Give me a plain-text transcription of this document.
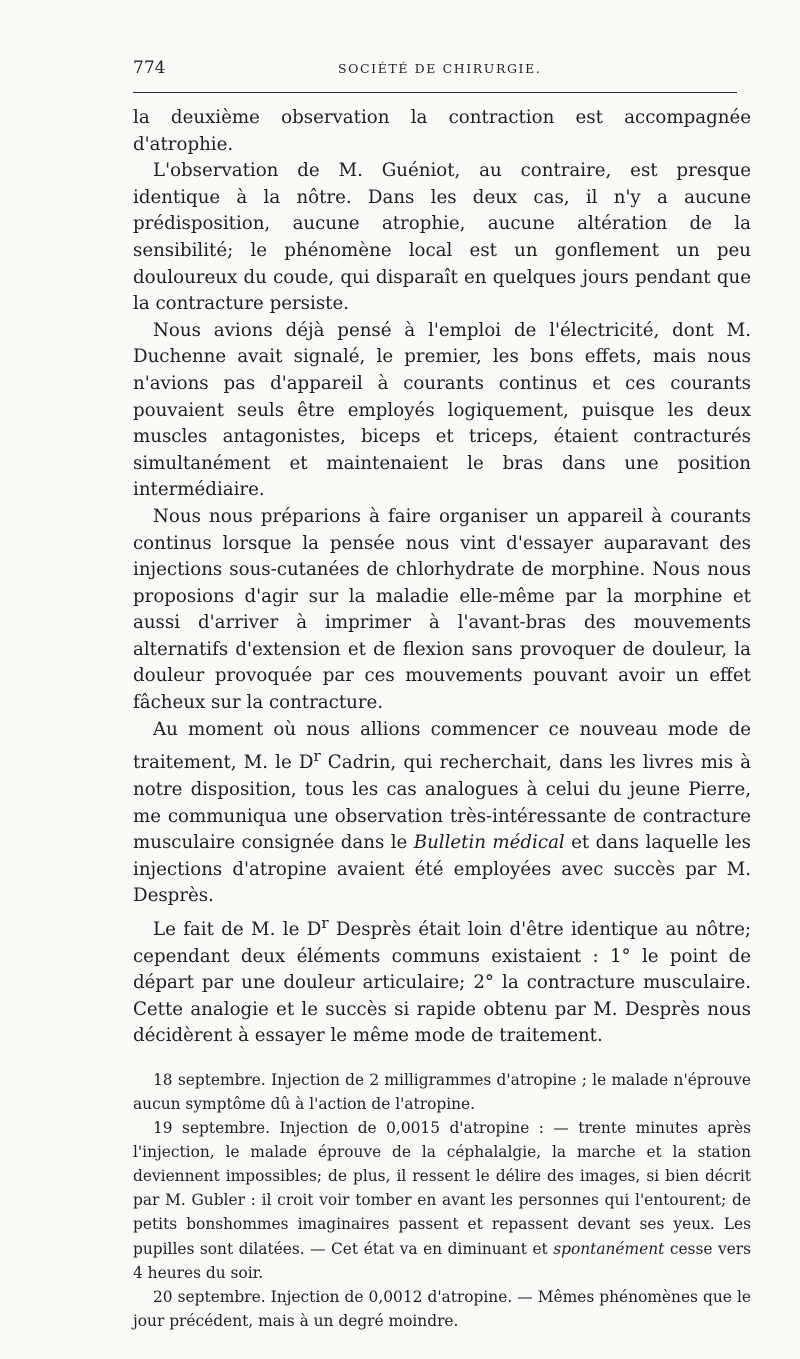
774	SOCIÉTÉ DE CHIRURGIE.

la deuxième observation la contraction est accompagnée d'atrophie.

L'observation de M. Guéniot, au contraire, est presque identique à la nôtre. Dans les deux cas, il n'y a aucune prédisposition, aucune atrophie, aucune altération de la sensibilité; le phénomène local est un gonflement un peu douloureux du coude, qui disparaît en quelques jours pendant que la contracture persiste.

Nous avions déjà pensé à l'emploi de l'électricité, dont M. Duchenne avait signalé, le premier, les bons effets, mais nous n'avions pas d'appareil à courants continus et ces courants pouvaient seuls être employés logiquement, puisque les deux muscles antagonistes, biceps et triceps, étaient contracturés simultanément et maintenaient le bras dans une position intermédiaire.

Nous nous préparions à faire organiser un appareil à courants continus lorsque la pensée nous vint d'essayer auparavant des injections sous-cutanées de chlorhydrate de morphine. Nous nous proposions d'agir sur la maladie elle-même par la morphine et aussi d'arriver à imprimer à l'avant-bras des mouvements alternatifs d'extension et de flexion sans provoquer de douleur, la douleur provoquée par ces mouvements pouvant avoir un effet fâcheux sur la contracture.

Au moment où nous allions commencer ce nouveau mode de traitement, M. le $D^r$ Cadrin, qui recherchait, dans les livres mis à notre disposition, tous les cas analogues à celui du jeune Pierre, me communiqua une observation très-intéressante de contracture musculaire consignée dans le Bulletin médical et dans laquelle les injections d'atropine avaient été employées avec succès par M. Desprès.

Le fait de M. le $D^r$ Desprès était loin d'être identique au nôtre; cependant deux éléments communs existaient : 1° le point de départ par une douleur articulaire; 2° la contracture musculaire. Cette analogie et le succès si rapide obtenu par M. Desprès nous décidèrent à essayer le même mode de traitement.

18 septembre. Injection de 2 milligrammes d'atropine ; le malade n'éprouve aucun symptôme dû à l'action de l'atropine.

19 septembre. Injection de 0,0015 d'atropine : — trente minutes après l'injection, le malade éprouve de la céphalalgie, la marche et la station deviennent impossibles; de plus, il ressent le délire des images, si bien décrit par M. Gubler : il croit voir tomber en avant les personnes qui l'entourent; de petits bonshommes imaginaires passent et repassent devant ses yeux. Les pupilles sont dilatées. — Cet état va en diminuant et spontanément cesse vers 4 heures du soir.

20 septembre. Injection de 0,0012 d'atropine. — Mêmes phénomènes que le jour précédent, mais à un degré moindre.
